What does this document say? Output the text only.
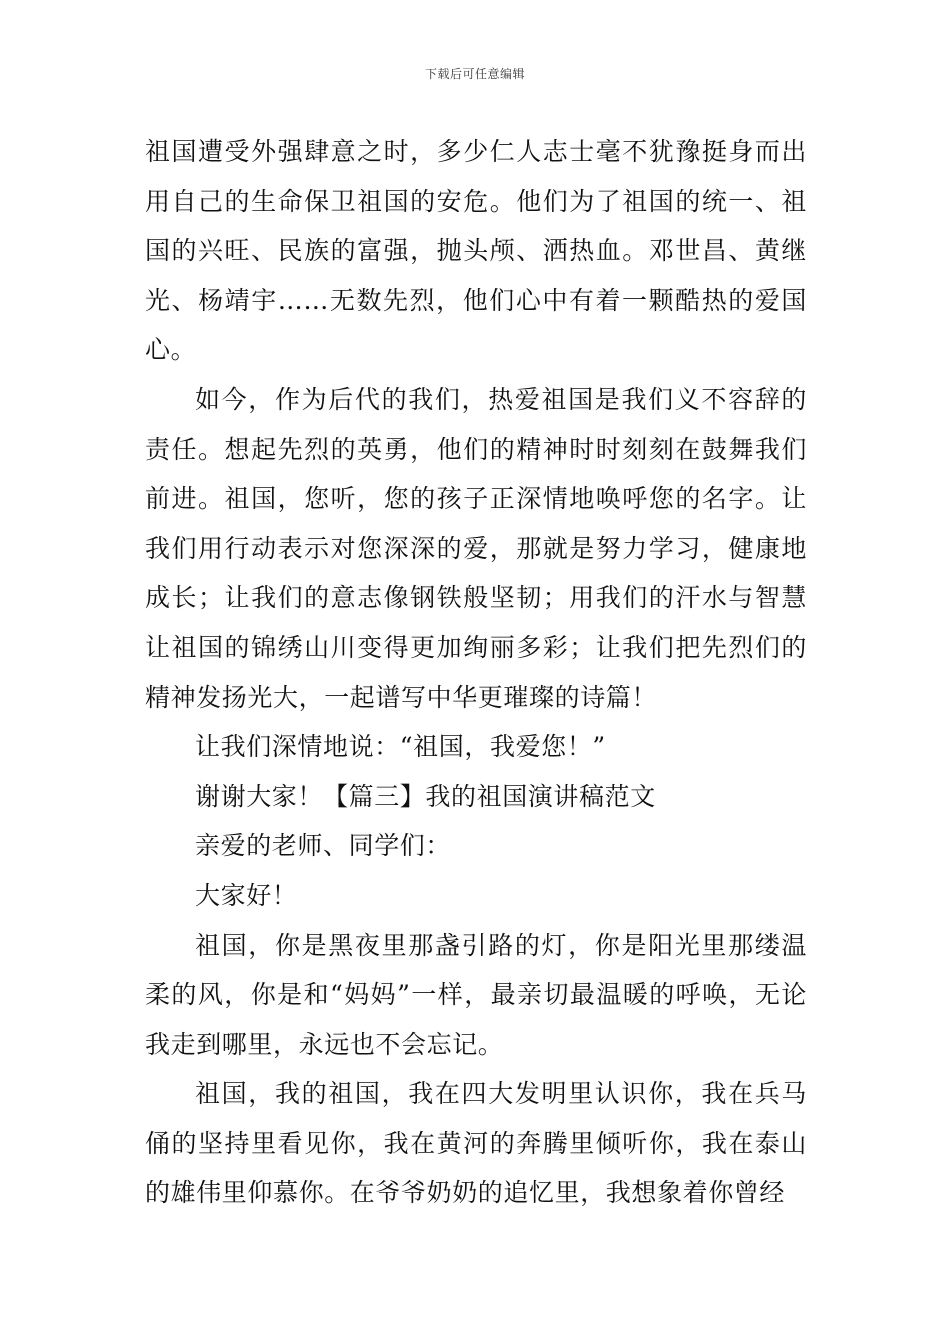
下载后可任意编辑

祖国遭受外强肆意之时，多少仁人志士毫不犹豫挺身而出用自己的生命保卫祖国的安危。他们为了祖国的统一、祖国的兴旺、民族的富强，抛头颅、洒热血。邓世昌、黄继光、杨靖宇……无数先烈，他们心中有着一颗酷热的爱国心。

如今，作为后代的我们，热爱祖国是我们义不容辞的责任。想起先烈的英勇，他们的精神时时刻刻在鼓舞我们前进。祖国，您听，您的孩子正深情地唤呼您的名字。让我们用行动表示对您深深的爱，那就是努力学习，健康地成长；让我们的意志像钢铁般坚韧；用我们的汗水与智慧让祖国的锦绣山川变得更加绚丽多彩；让我们把先烈们的精神发扬光大，一起谱写中华更璀璨的诗篇！

让我们深情地说：“祖国，我爱您！”

谢谢大家！【篇三】我的祖国演讲稿范文

亲爱的老师、同学们：

大家好！

祖国，你是黑夜里那盏引路的灯，你是阳光里那缕温柔的风，你是和“妈妈”一样，最亲切最温暖的呼唤，无论我走到哪里，永远也不会忘记。

祖国，我的祖国，我在四大发明里认识你，我在兵马俑的坚持里看见你，我在黄河的奔腾里倾听你，我在泰山的雄伟里仰慕你。在爷爷奶奶的追忆里，我想象着你曾经
